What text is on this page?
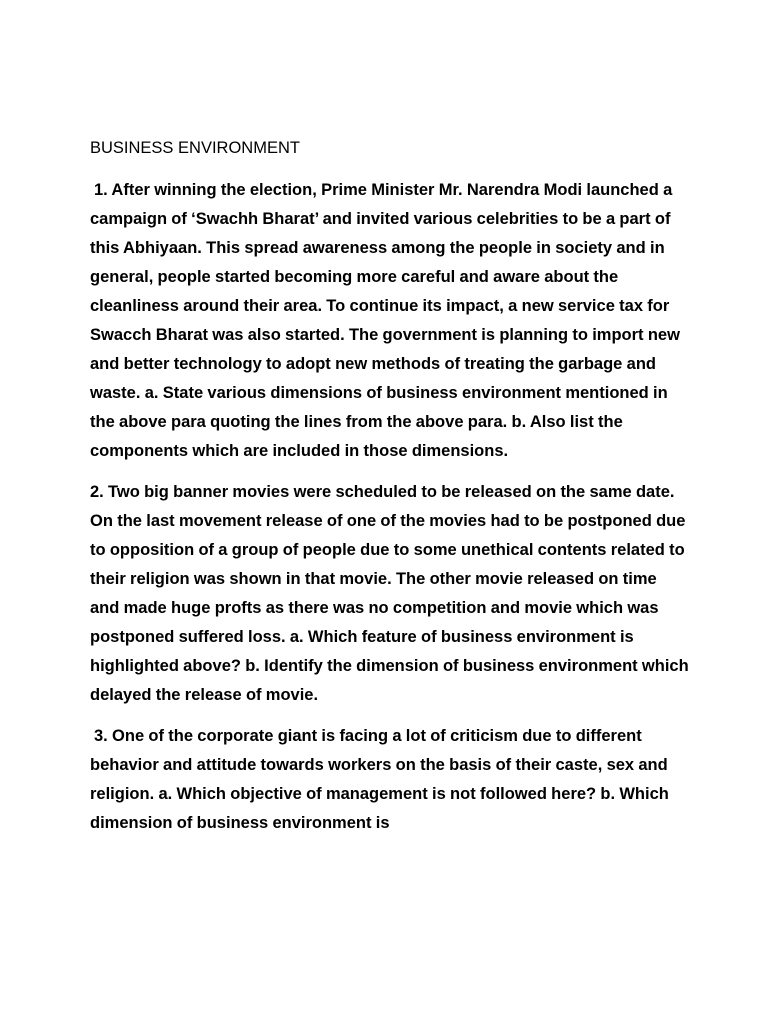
BUSINESS ENVIRONMENT

1. After winning the election, Prime Minister Mr. Narendra Modi launched a campaign of ‘Swachh Bharat’ and invited various celebrities to be a part of this Abhiyaan. This spread awareness among the people in society and in general, people started becoming more careful and aware about the cleanliness around their area. To continue its impact, a new service tax for Swacch Bharat was also started. The government is planning to import new and better technology to adopt new methods of treating the garbage and waste. a. State various dimensions of business environment mentioned in the above para quoting the lines from the above para. b. Also list the components which are included in those dimensions.

2. Two big banner movies were scheduled to be released on the same date. On the last movement release of one of the movies had to be postponed due to opposition of a group of people due to some unethical contents related to their religion was shown in that movie. The other movie released on time and made huge profts as there was no competition and movie which was postponed suffered loss. a. Which feature of business environment is highlighted above? b. Identify the dimension of business environment which delayed the release of movie.

3. One of the corporate giant is facing a lot of criticism due to different behavior and attitude towards workers on the basis of their caste, sex and religion. a. Which objective of management is not followed here? b. Which dimension of business environment is
